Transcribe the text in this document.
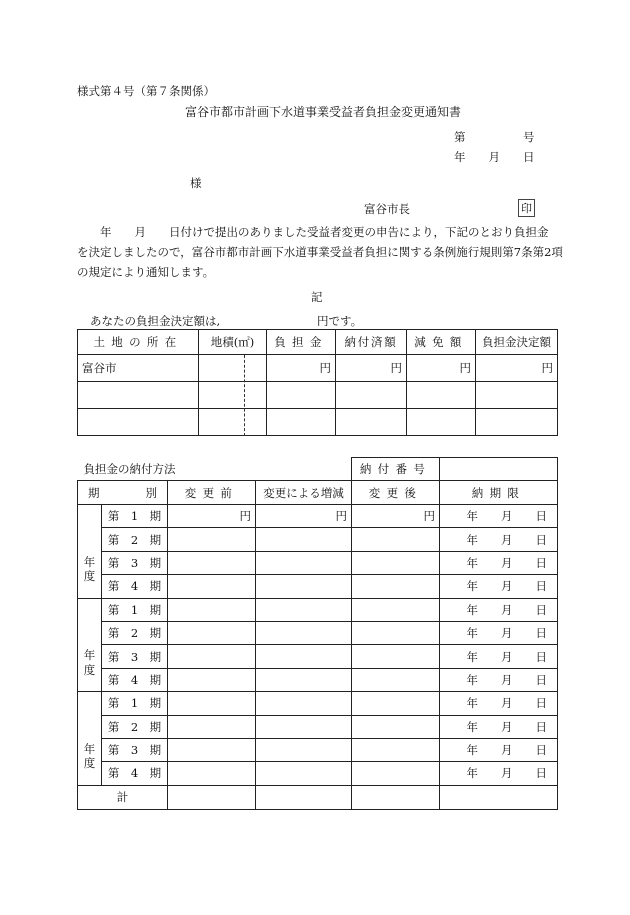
様式第４号（第７条関係）
富谷市都市計画下水道事業受益者負担金変更通知書
第　　　　　号
年　　月　　日
様
富谷市長	印
　　年　　月　　日付けで提出のありました受益者変更の申告により，下記のとおり負担金
を決定しましたので，富谷市都市計画下水道事業受益者負担に関する条例施行規則第7条第2項
の規定により通知します。
記
あなたの負担金決定額は,	円です。
土地の所在	地積(㎡)	負担金	納付済額	減免額	負担金決定額
富谷市		円	円	円	円

負担金の納付方法				納付番号	

期 別		変更前	変更による増減	変更後	納期限

年
度	第　1　期	円	円	円	年　　月　　日
	第　2　期				年　　月　　日
	第　3　期				年　　月　　日
	第　4　期				年　　月　　日

年
度	第　1　期				年　　月　　日
	第　2　期				年　　月　　日
	第　3　期				年　　月　　日
	第　4　期				年　　月　　日

年
度	第　1　期				年　　月　　日
	第　2　期				年　　月　　日
	第　3　期				年　　月　　日
	第　4　期				年　　月　　日
計					
